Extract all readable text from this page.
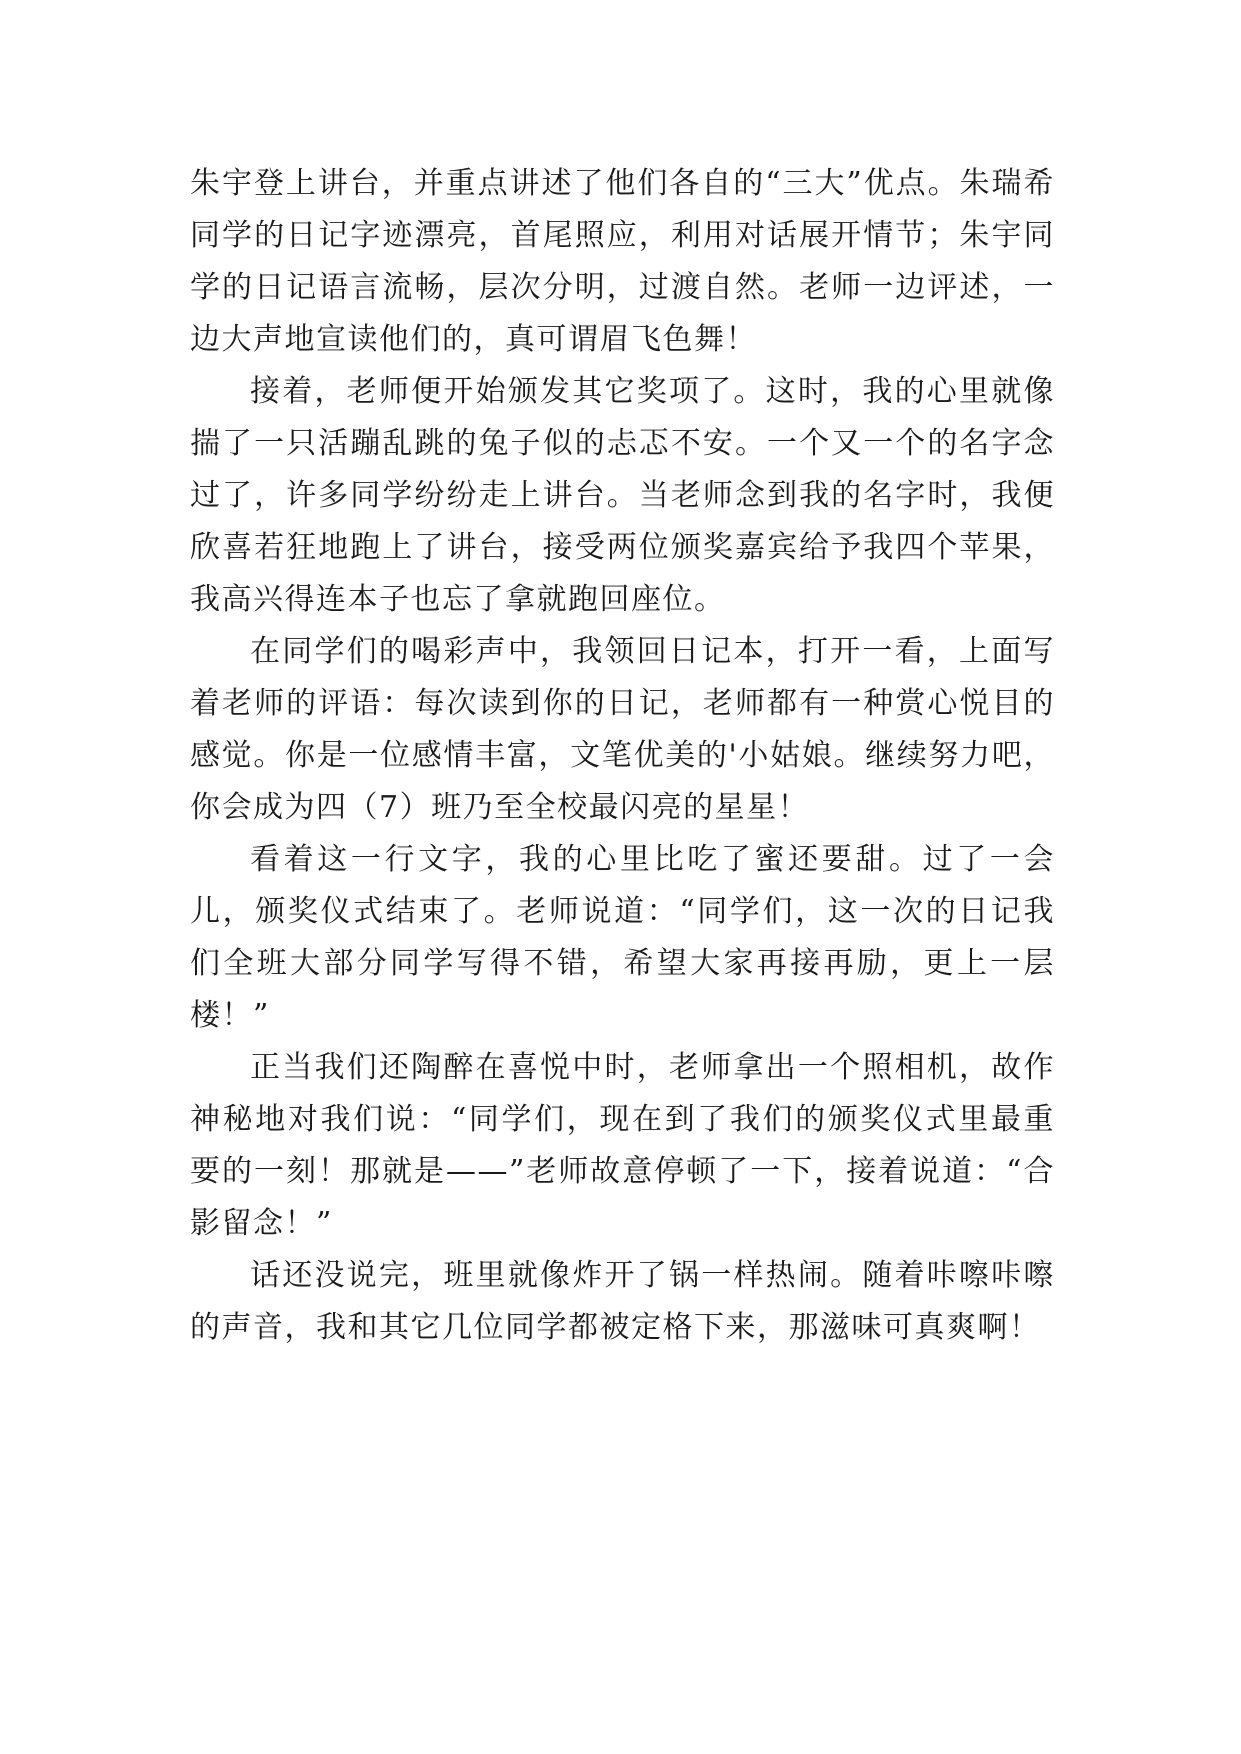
朱宇登上讲台，并重点讲述了他们各自的“三大”优点。朱瑞希同学的日记字迹漂亮，首尾照应，利用对话展开情节；朱宇同学的日记语言流畅，层次分明，过渡自然。老师一边评述，一边大声地宣读他们的，真可谓眉飞色舞！

接着，老师便开始颁发其它奖项了。这时，我的心里就像揣了一只活蹦乱跳的兔子似的忐忑不安。一个又一个的名字念过了，许多同学纷纷走上讲台。当老师念到我的名字时，我便欣喜若狂地跑上了讲台，接受两位颁奖嘉宾给予我四个苹果，我高兴得连本子也忘了拿就跑回座位。

在同学们的喝彩声中，我领回日记本，打开一看，上面写着老师的评语：每次读到你的日记，老师都有一种赏心悦目的感觉。你是一位感情丰富，文笔优美的'小姑娘。继续努力吧，你会成为四（7）班乃至全校最闪亮的星星！

看着这一行文字，我的心里比吃了蜜还要甜。过了一会儿，颁奖仪式结束了。老师说道：“同学们，这一次的日记我们全班大部分同学写得不错，希望大家再接再励，更上一层楼！”

正当我们还陶醉在喜悦中时，老师拿出一个照相机，故作神秘地对我们说：“同学们，现在到了我们的颁奖仪式里最重要的一刻！那就是——”老师故意停顿了一下，接着说道：“合影留念！”

话还没说完，班里就像炸开了锅一样热闹。随着咔嚓咔嚓的声音，我和其它几位同学都被定格下来，那滋味可真爽啊！
